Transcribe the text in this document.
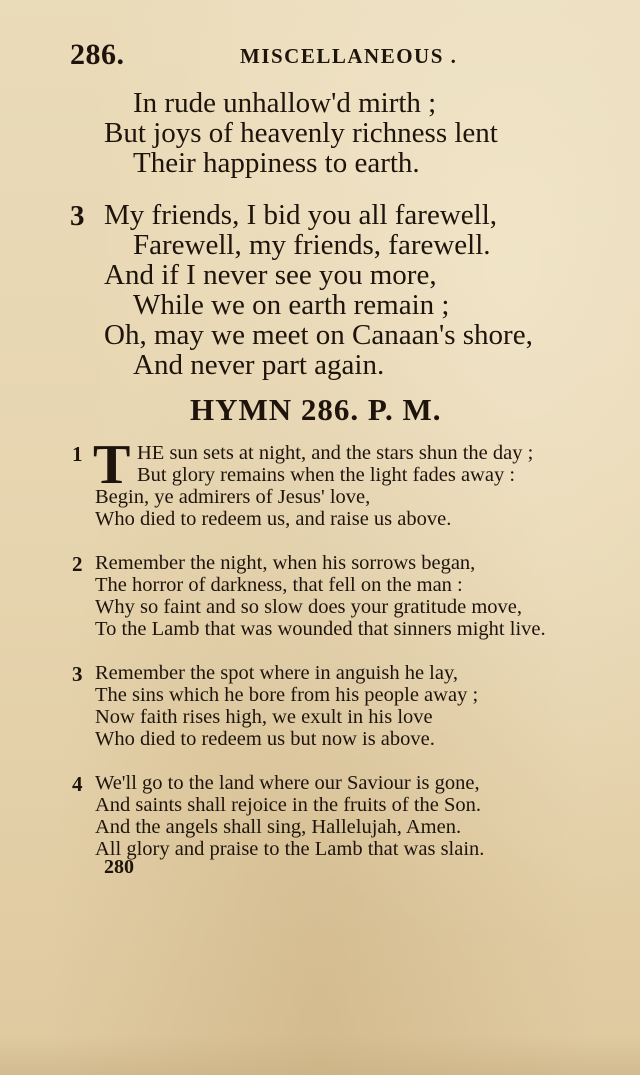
286.	MISCELLANEOUS .
In rude unhallow'd mirth ;
But joys of heavenly richness lent
Their happiness to earth.
3 My friends, I bid you all farewell,
Farewell, my friends, farewell.
And if I never see you more,
While we on earth remain ;
Oh, may we meet on Canaan's shore,
And never part again.
HYMN 286. P. M.
1 T HE sun sets at night, and the stars shun the day ;
But glory remains when the light fades away :
Begin, ye admirers of Jesus' love,
Who died to redeem us, and raise us above.
2 Remember the night, when his sorrows began,
The horror of darkness, that fell on the man :
Why so faint and so slow does your gratitude move,
To the Lamb that was wounded that sinners might live.
3 Remember the spot where in anguish he lay,
The sins which he bore from his people away ;
Now faith rises high, we exult in his love
Who died to redeem us but now is above.
4 We'll go to the land where our Saviour is gone,
And saints shall rejoice in the fruits of the Son.
And the angels shall sing, Hallelujah, Amen.
All glory and praise to the Lamb that was slain.
280
